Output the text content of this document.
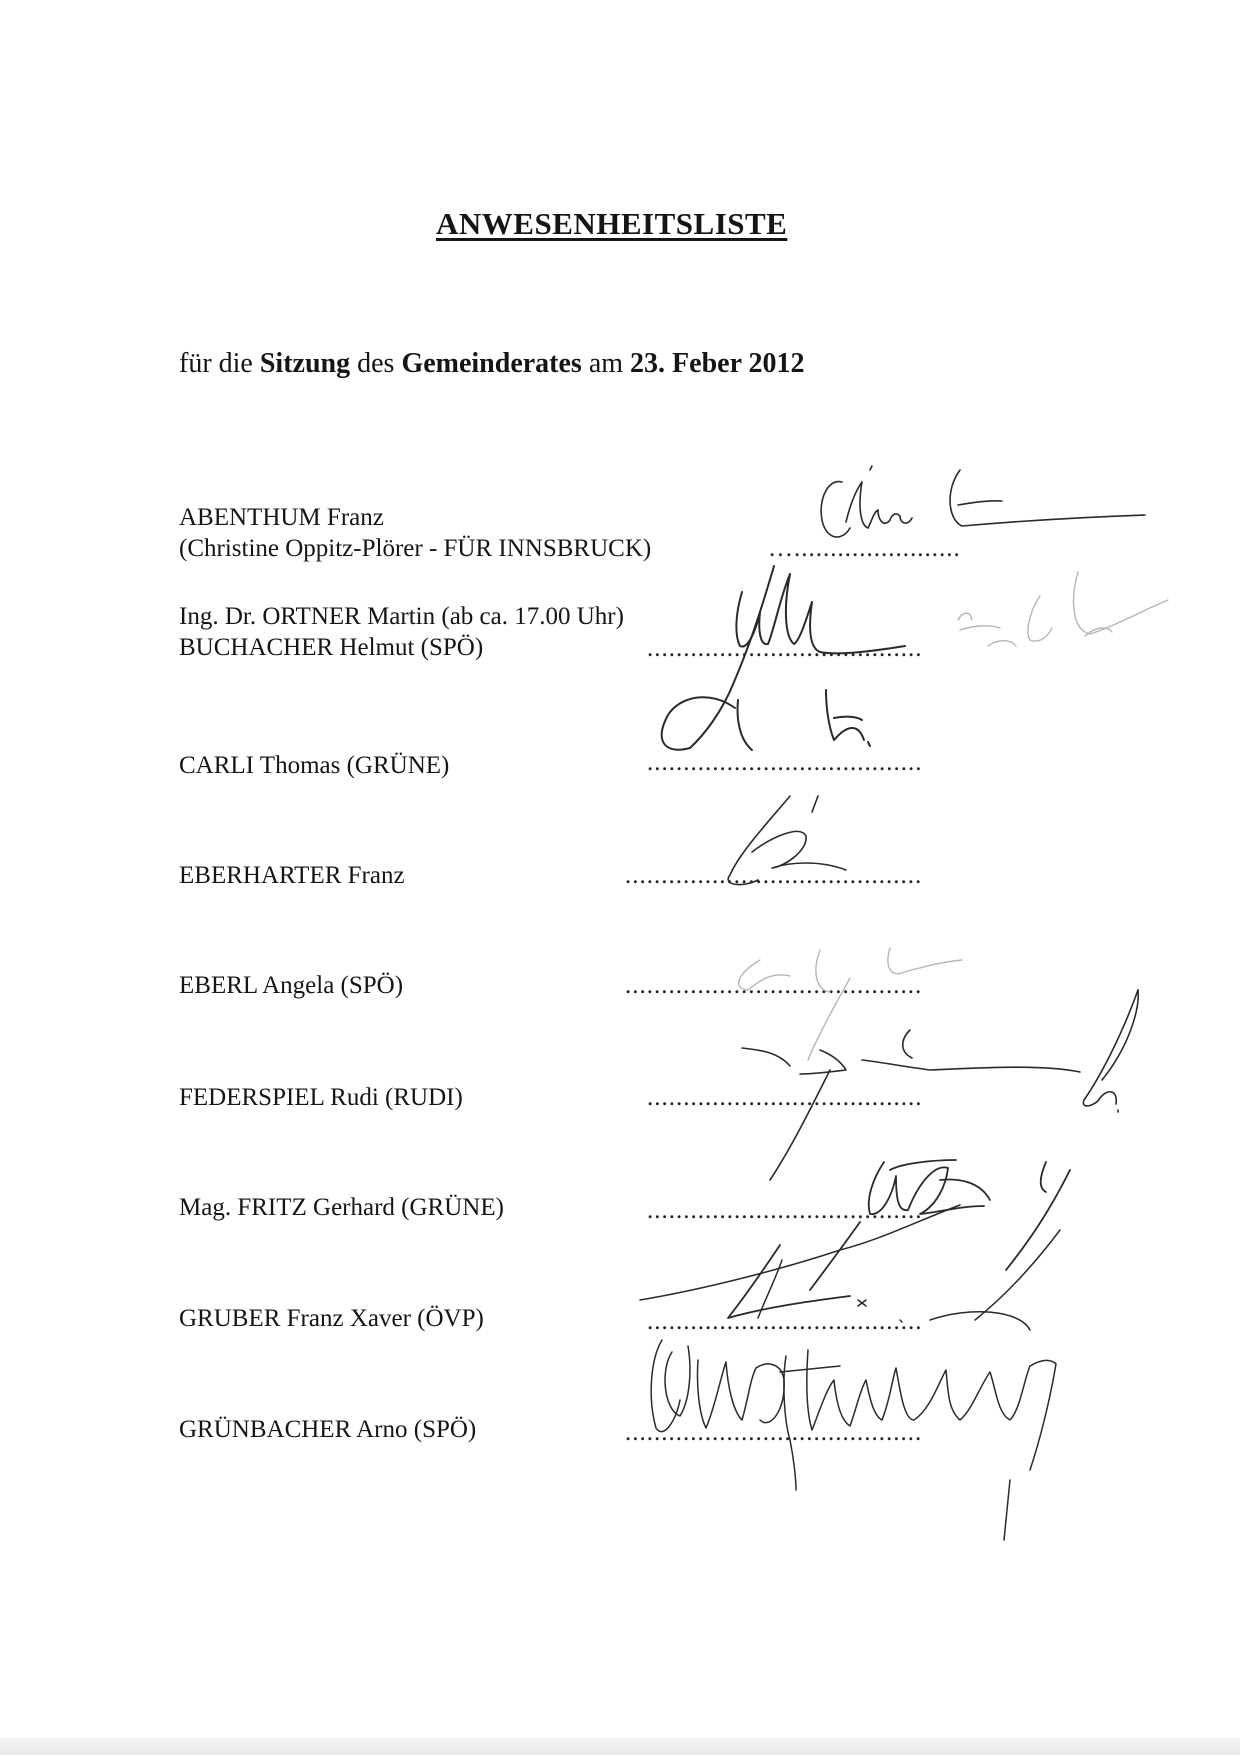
ANWESENHEITSLISTE
für die Sitzung des Gemeinderates am 23. Feber 2012
ABENTHUM Franz
(Christine Oppitz-Plörer - FÜR INNSBRUCK)	….......................
Ing. Dr. ORTNER Martin (ab ca. 17.00 Uhr)
BUCHACHER Helmut (SPÖ)	......................................
CARLI Thomas (GRÜNE)	......................................
EBERHARTER Franz	.........................................
EBERL Angela (SPÖ)	.........................................
FEDERSPIEL Rudi (RUDI)	......................................
Mag. FRITZ Gerhard (GRÜNE)	......................................
GRUBER Franz Xaver (ÖVP)	......................................
GRÜNBACHER Arno (SPÖ)	.........................................
